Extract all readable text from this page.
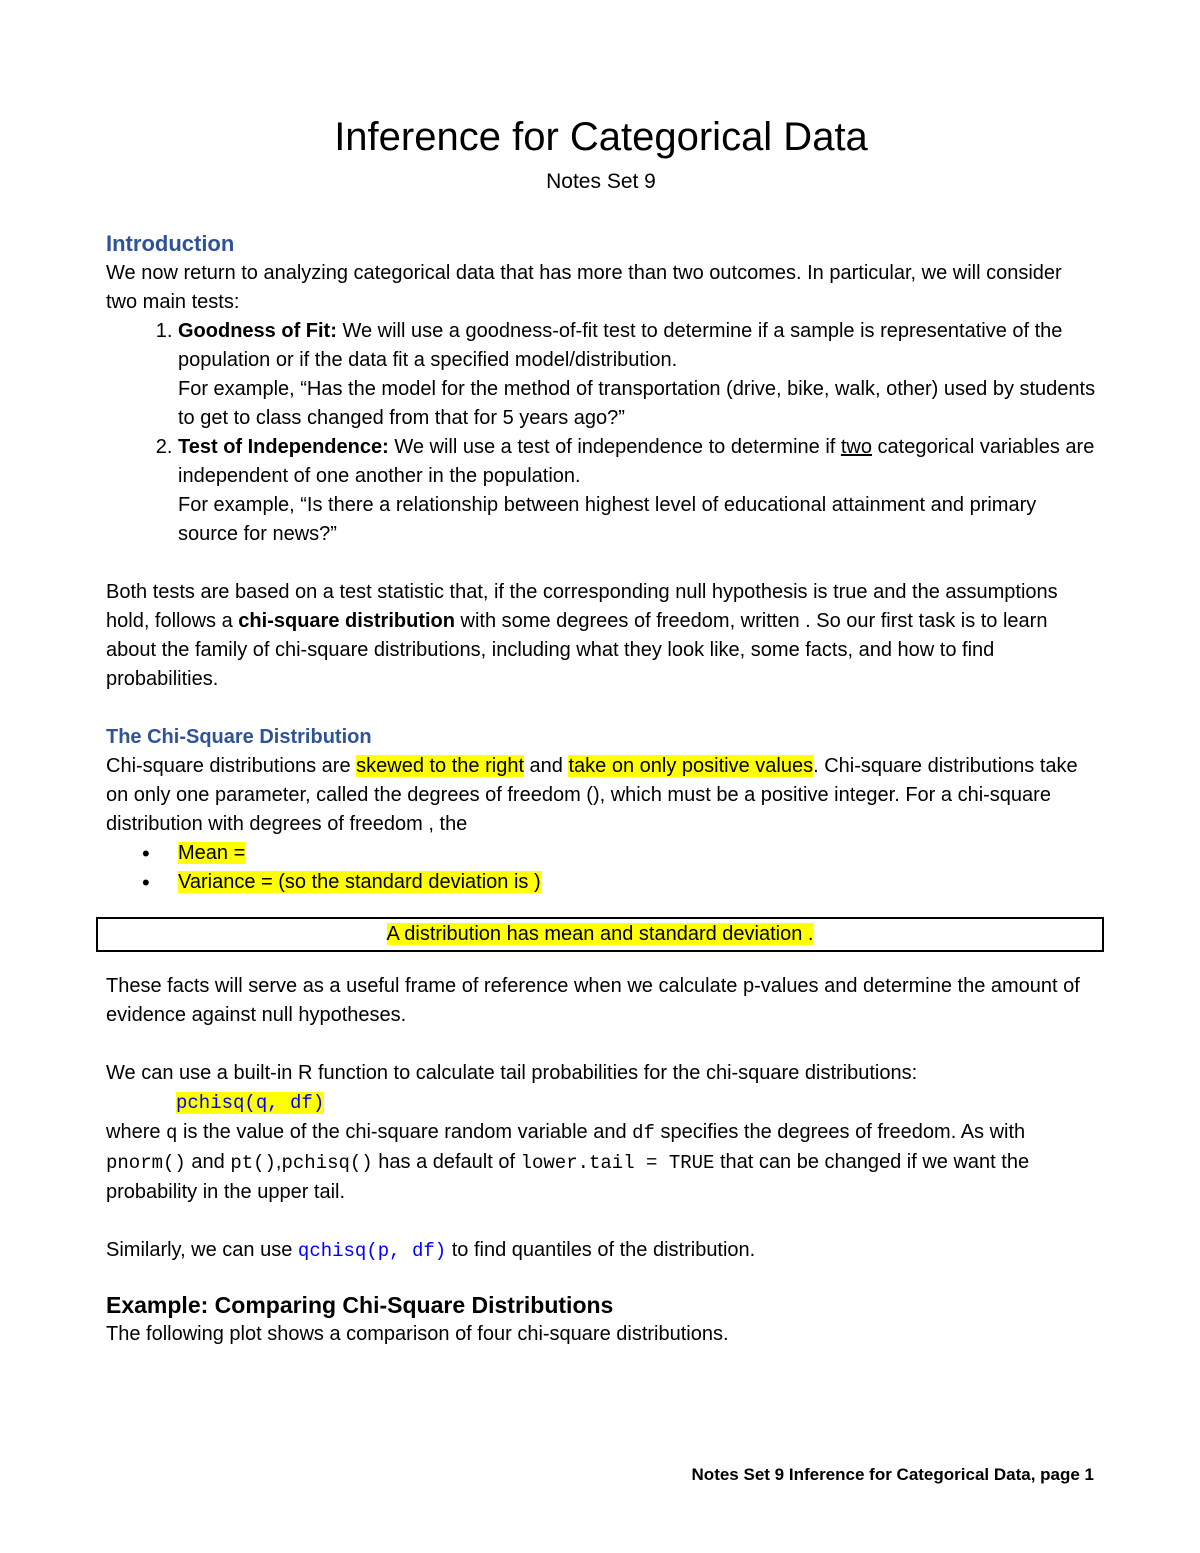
Inference for Categorical Data

Notes Set 9

Introduction

We now return to analyzing categorical data that has more than two outcomes. In particular, we will consider two main tests:

1. Goodness of Fit: We will use a goodness-of-fit test to determine if a sample is representative of the population or if the data fit a specified model/distribution.
For example, “Has the model for the method of transportation (drive, bike, walk, other) used by students to get to class changed from that for 5 years ago?”
2. Test of Independence: We will use a test of independence to determine if two categorical variables are independent of one another in the population.
For example, “Is there a relationship between highest level of educational attainment and primary source for news?”

Both tests are based on a test statistic that, if the corresponding null hypothesis is true and the assumptions hold, follows a chi-square distribution with some degrees of freedom, written . So our first task is to learn about the family of chi-square distributions, including what they look like, some facts, and how to find probabilities.

The Chi-Square Distribution

Chi-square distributions are skewed to the right and take on only positive values. Chi-square distributions take on only one parameter, called the degrees of freedom (), which must be a positive integer. For a chi-square distribution with degrees of freedom , the

• Mean =
• Variance = (so the standard deviation is )
A distribution has mean and standard deviation .

These facts will serve as a useful frame of reference when we calculate p-values and determine the amount of evidence against null hypotheses.

We can use a built-in R function to calculate tail probabilities for the chi-square distributions:

pchisq(q, df)

where q is the value of the chi-square random variable and df specifies the degrees of freedom. As with pnorm() and pt(),pchisq() has a default of lower.tail = TRUE that can be changed if we want the probability in the upper tail.

Similarly, we can use qchisq(p, df) to find quantiles of the distribution.

Example: Comparing Chi-Square Distributions

The following plot shows a comparison of four chi-square distributions.

Notes Set 9 Inference for Categorical Data, page 1
